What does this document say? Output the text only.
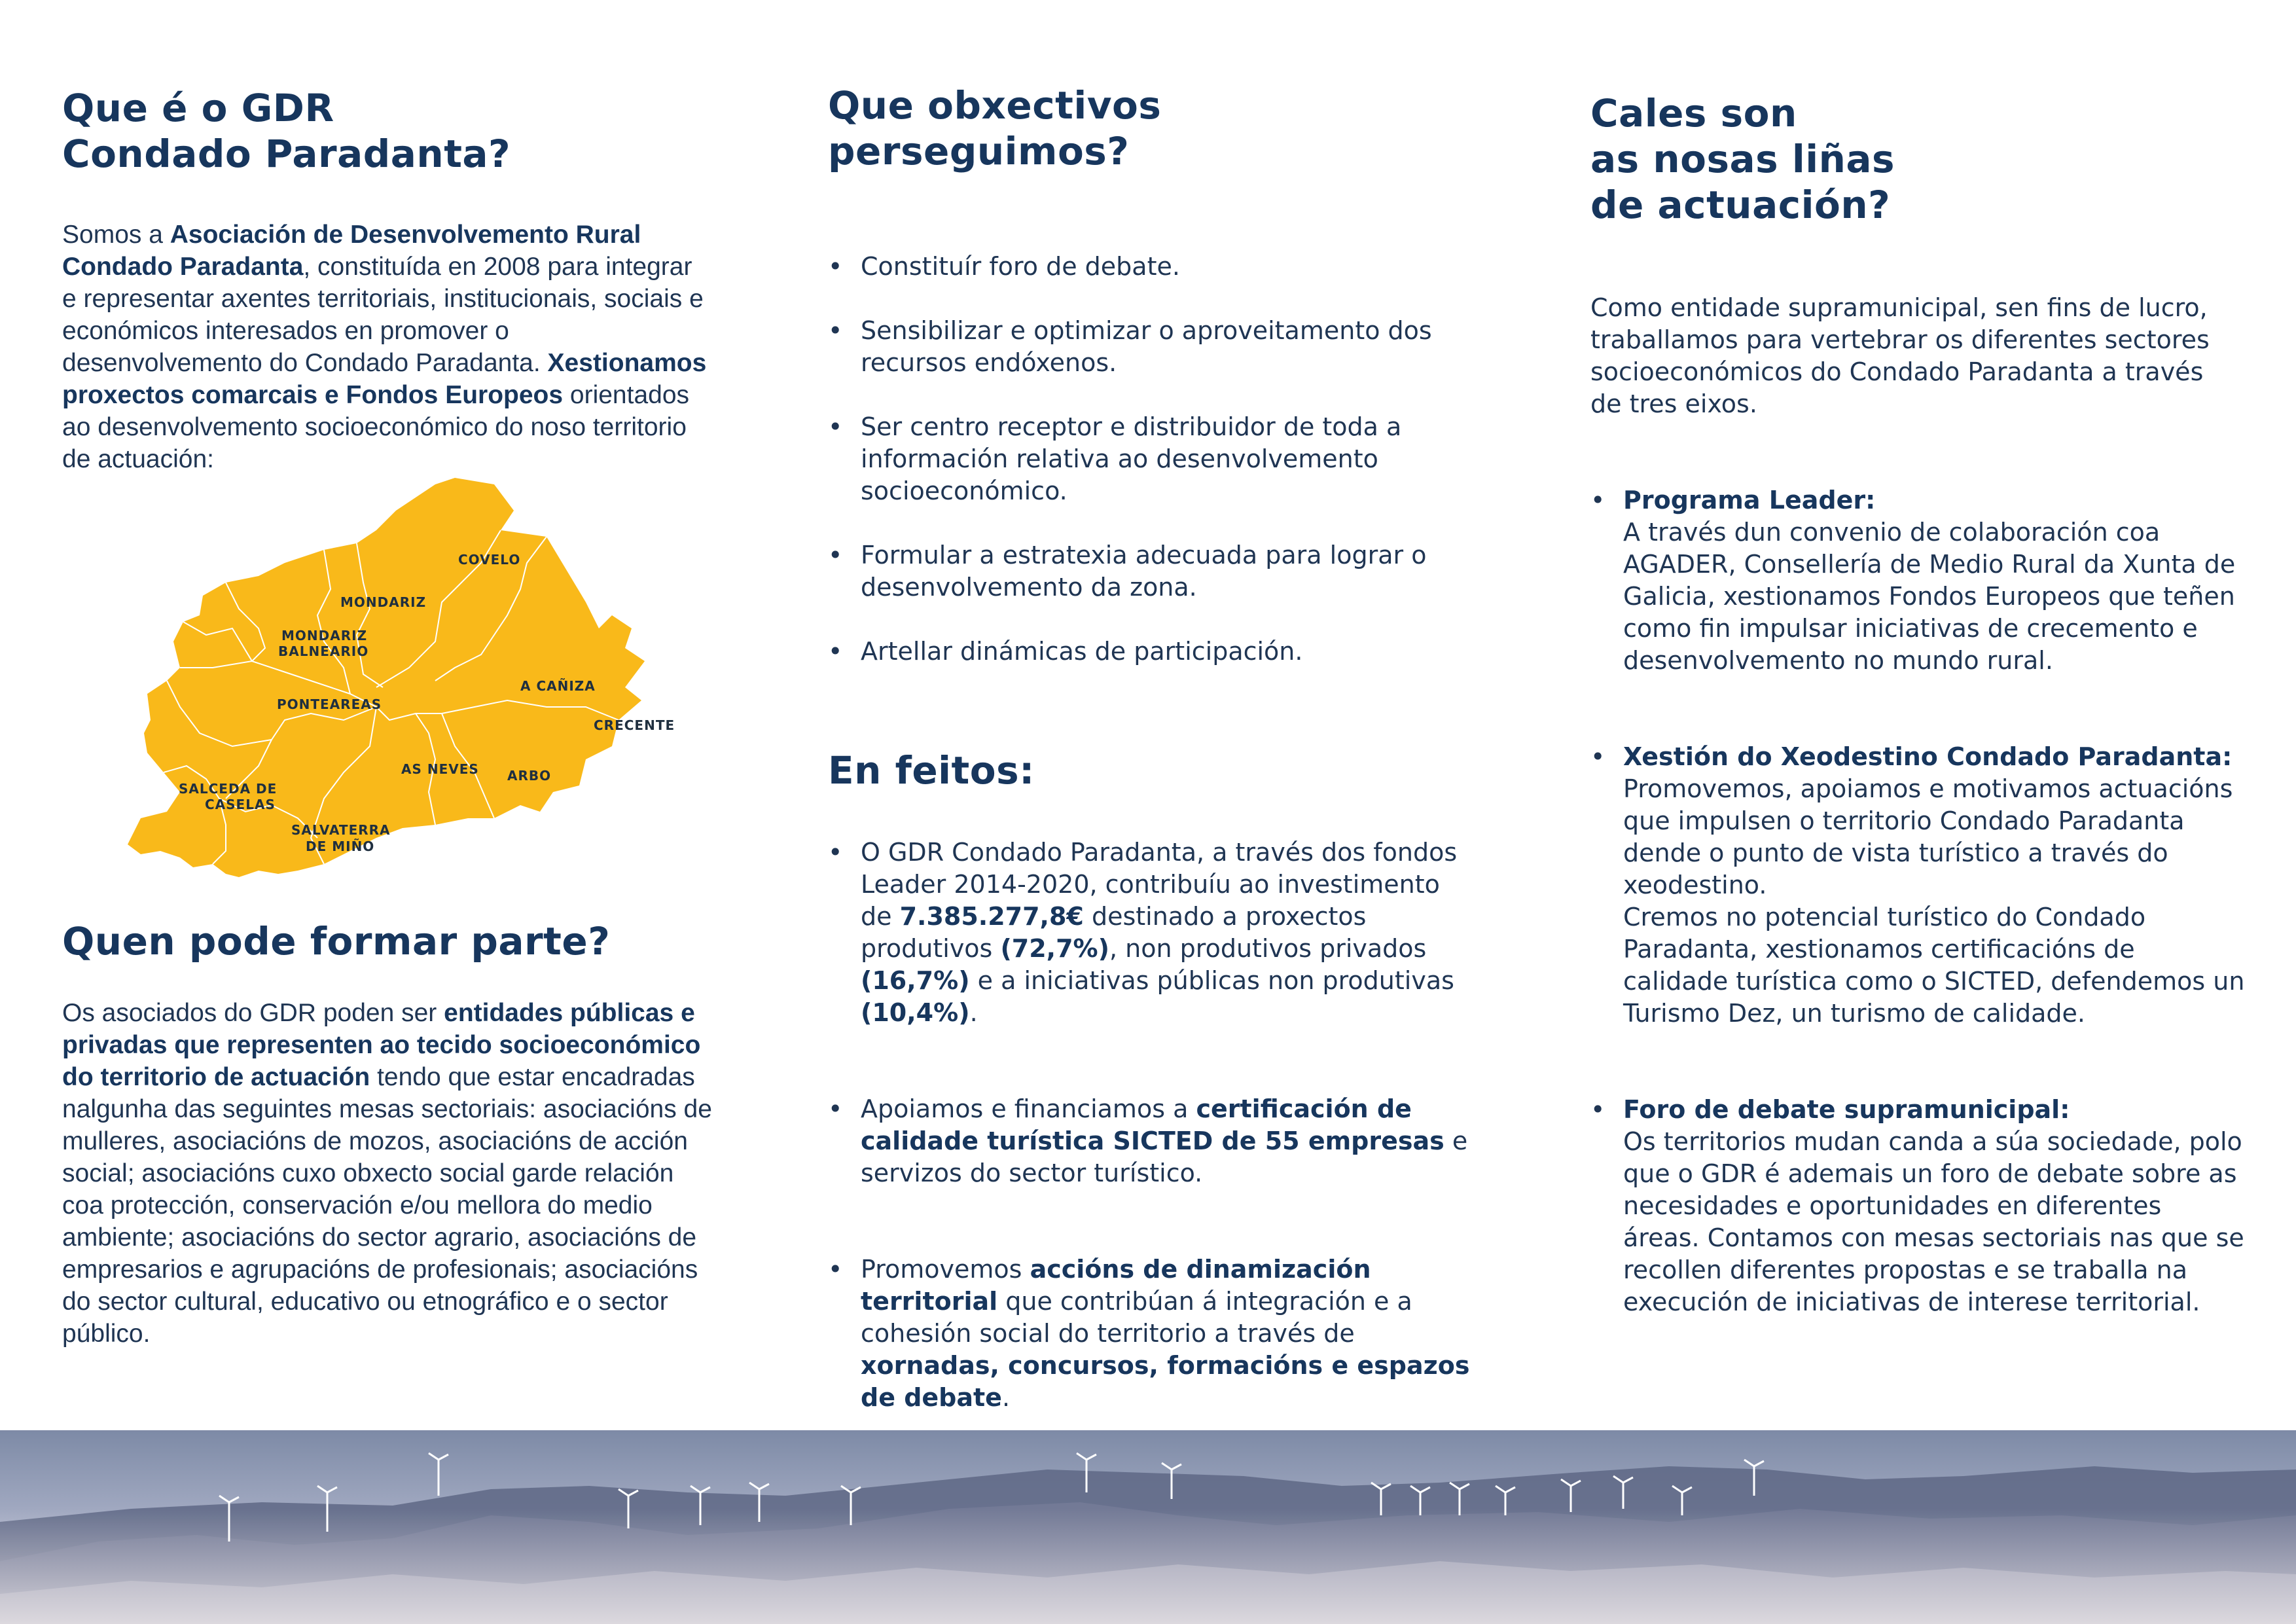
Que é o GDR
Condado Paradanta?

Somos a Asociación de Desenvolvemento Rural Condado Paradanta, constituída en 2008 para integrar e representar axentes territoriais, institucionais, sociais e económicos interesados en promover o desenvolvemento do Condado Paradanta. Xestionamos proxectos comarcais e Fondos Europeos orientados ao desenvolvemento socioeconómico do noso territorio de actuación:

COVELO
MONDARIZ
MONDARIZ
BALNEARIO
PONTEAREAS
A CAÑIZA
CRECENTE
AS NEVES ARBO
SALCEDA DE
CASELAS
SALVATERRA
DE MIÑO
Quen pode formar parte?

Os asociados do GDR poden ser entidades públicas e privadas que representen ao tecido socioeconómico do territorio de actuación tendo que estar encadradas nalgunha das seguintes mesas sectoriais: asociacións de mulleres, asociacións de mozos, asociacións de acción social; asociacións cuxo obxecto social garde relación coa protección, conservación e/ou mellora do medio ambiente; asociacións do sector agrario, asociacións de empresarios e agrupacións de profesionais; asociacións do sector cultural, educativo ou etnográfico e o sector público.

Que obxectivos
perseguimos?
• Constituír foro de debate.
• Sensibilizar e optimizar o aproveitamento dos recursos endóxenos.
• Ser centro receptor e distribuidor de toda a información relativa ao desenvolvemento socioeconómico.
• Formular a estratexia adecuada para lograr o desenvolvemento da zona.
• Artellar dinámicas de participación.
En feitos:
• O GDR Condado Paradanta, a través dos fondos Leader 2014-2020, contribuíu ao investimento de 7.385.277,8€ destinado a proxectos produtivos (72,7%), non produtivos privados (16,7%) e a iniciativas públicas non produtivas (10,4%).
• Apoiamos e financiamos a certificación de calidade turística SICTED de 55 empresas e servizos do sector turístico.
• Promovemos accións de dinamización territorial que contribúan á integración e a cohesión social do territorio a través de xornadas, concursos, formacións e espazos de debate.
Cales son
as nosas liñas
de actuación?

Como entidade supramunicipal, sen fins de lucro, traballamos para vertebrar os diferentes sectores socioeconómicos do Condado Paradanta a través de tres eixos.

• Programa Leader:
A través dun convenio de colaboración coa AGADER, Consellería de Medio Rural da Xunta de Galicia, xestionamos Fondos Europeos que teñen como fin impulsar iniciativas de crecemento e desenvolvemento no mundo rural.
• Xestión do Xeodestino Condado Paradanta:
Promovemos, apoiamos e motivamos actuacións que impulsen o territorio Condado Paradanta dende o punto de vista turístico a través do xeodestino.
Cremos no potencial turístico do Condado Paradanta, xestionamos certificacións de calidade turística como o SICTED, defendemos un Turismo Dez, un turismo de calidade.
• Foro de debate supramunicipal:
Os territorios mudan canda a súa sociedade, polo que o GDR é ademais un foro de debate sobre as necesidades e oportunidades en diferentes áreas. Contamos con mesas sectoriais nas que se recollen diferentes propostas e se traballa na execución de iniciativas de interese territorial.
